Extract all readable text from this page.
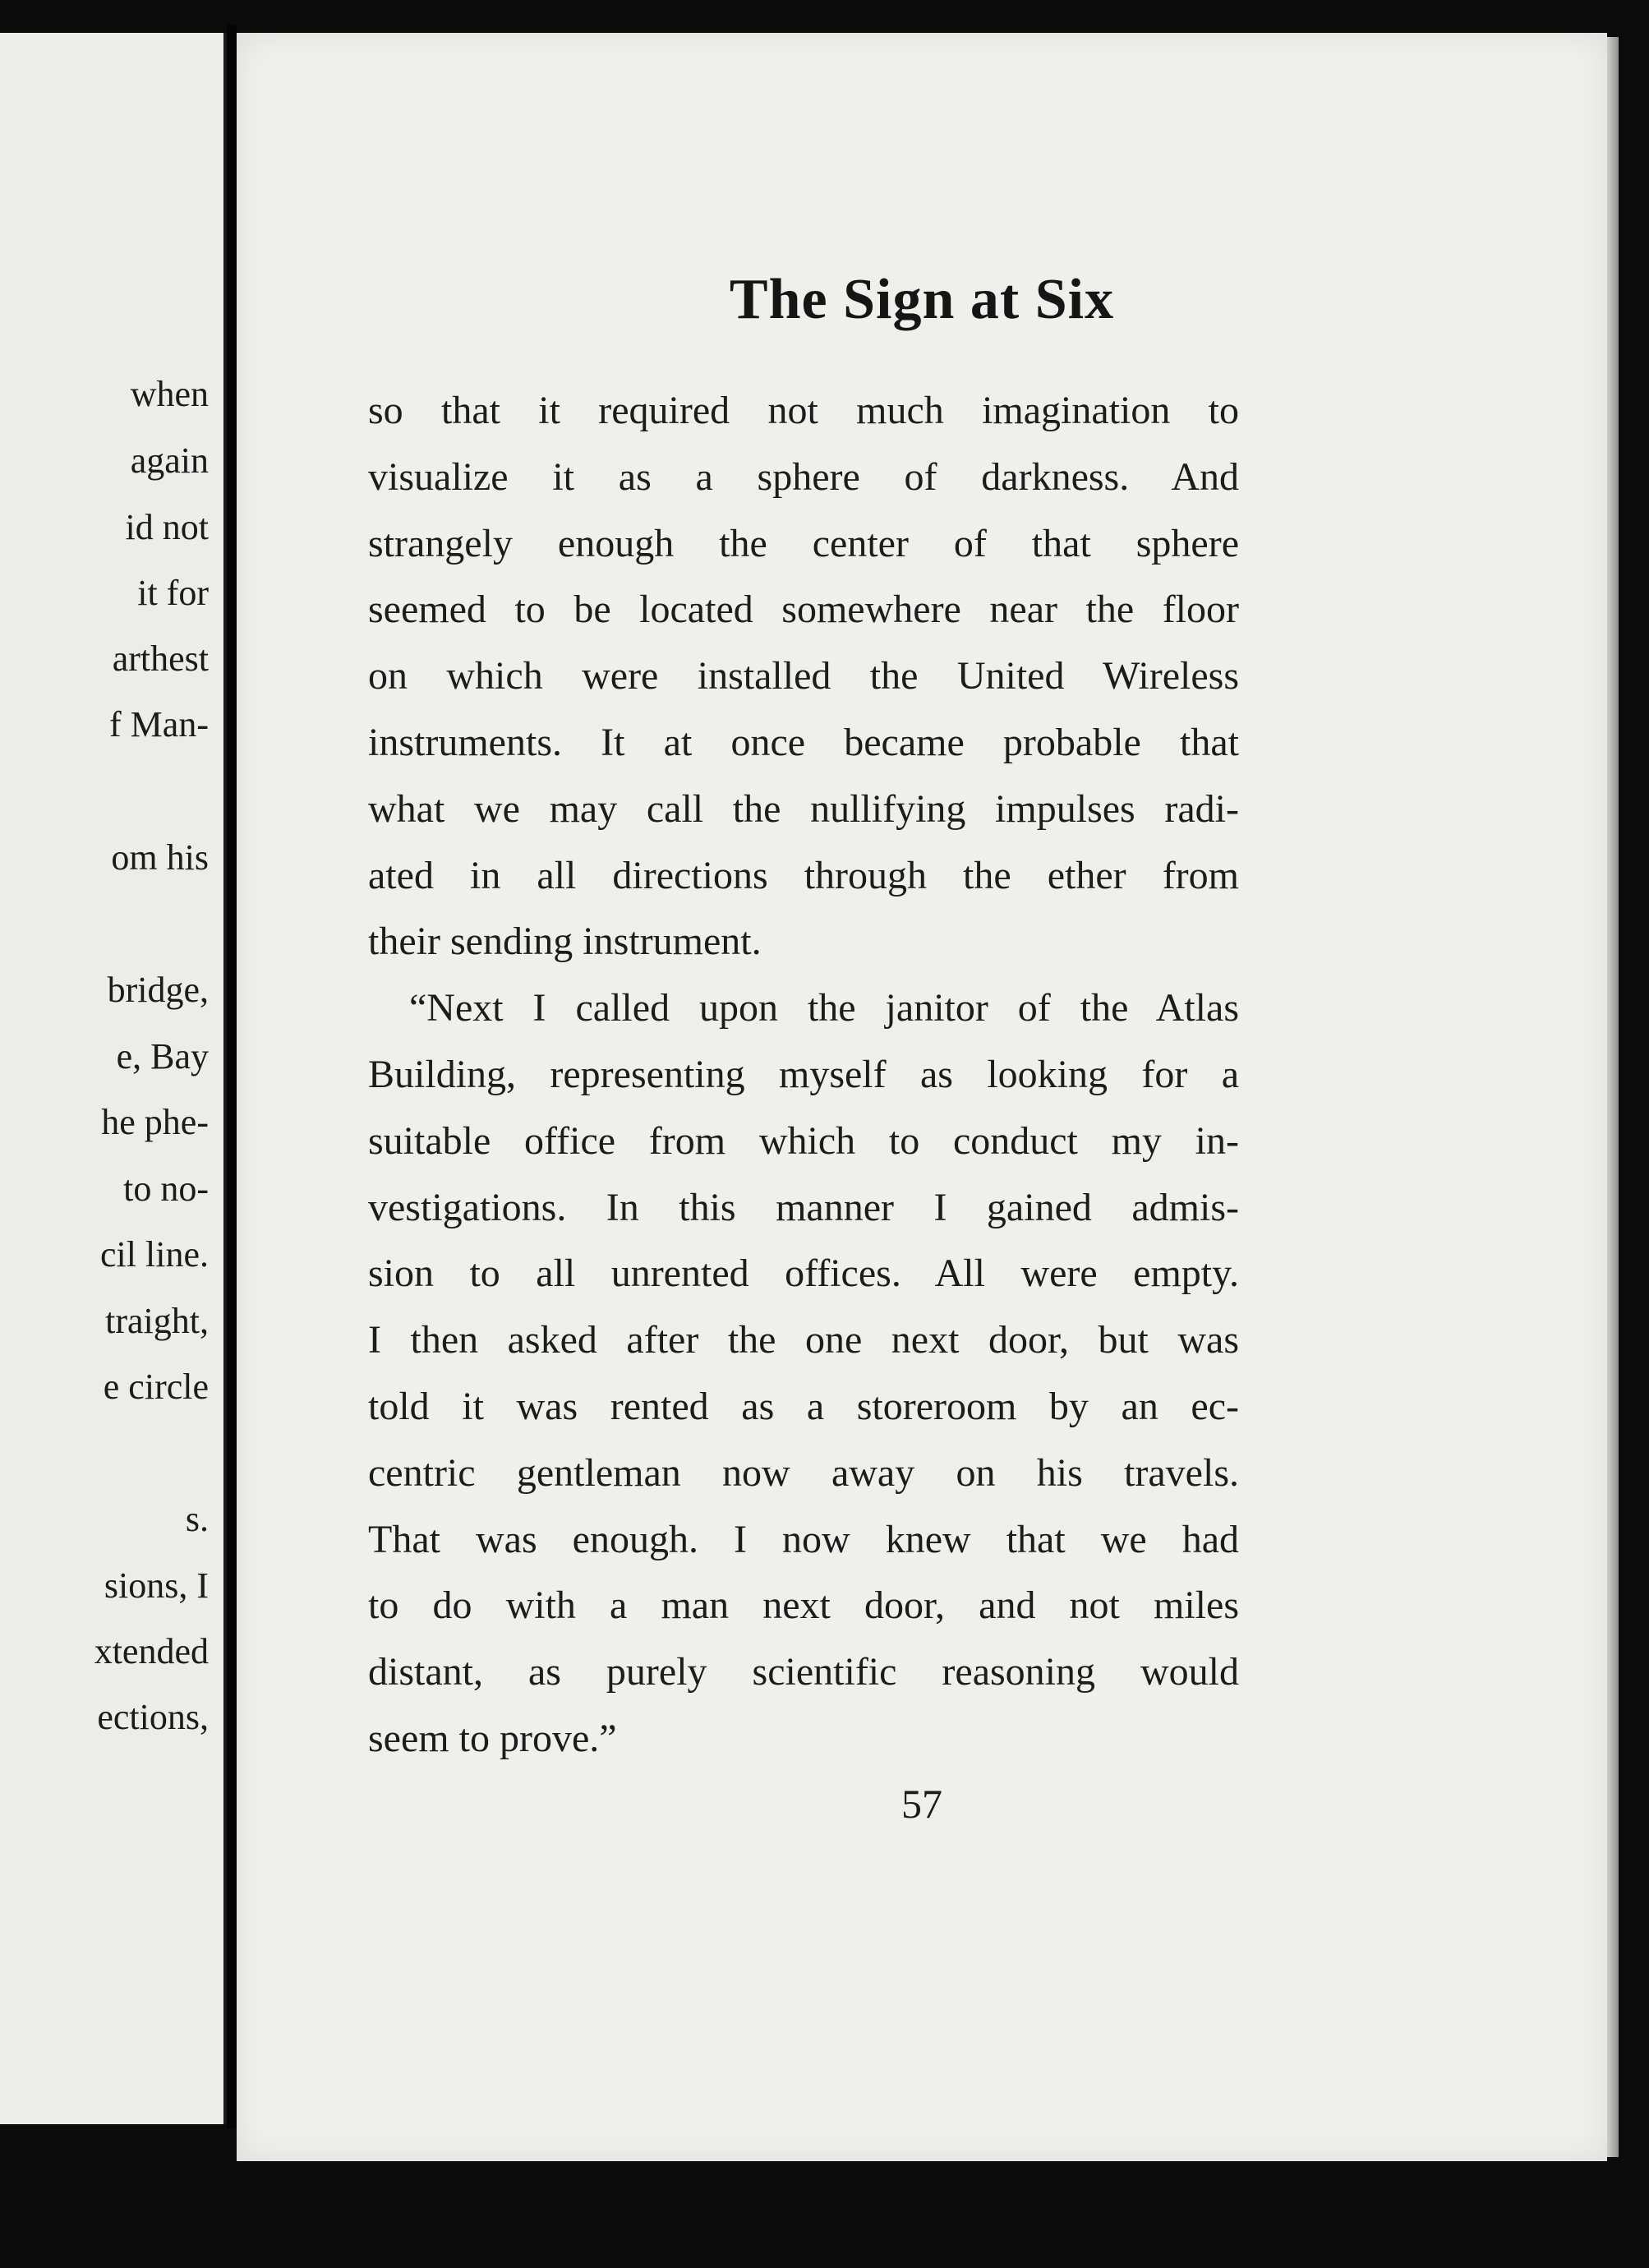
when
again
id not
it for
arthest
f Man-
om his
bridge,
e, Bay
he phe-
to no-
cil line.
traight,
e circle
s.
sions, I
xtended
ections,
The Sign at Six
so that it required not much imagination to
visualize it as a sphere of darkness. And
strangely enough the center of that sphere
seemed to be located somewhere near the floor
on which were installed the United Wireless
instruments. It at once became probable that
what we may call the nullifying impulses radi-
ated in all directions through the ether from
their sending instrument.
“Next I called upon the janitor of the Atlas
Building, representing myself as looking for a
suitable office from which to conduct my in-
vestigations. In this manner I gained admis-
sion to all unrented offices. All were empty.
I then asked after the one next door, but was
told it was rented as a storeroom by an ec-
centric gentleman now away on his travels.
That was enough. I now knew that we had
to do with a man next door, and not miles
distant, as purely scientific reasoning would
seem to prove.”
57
